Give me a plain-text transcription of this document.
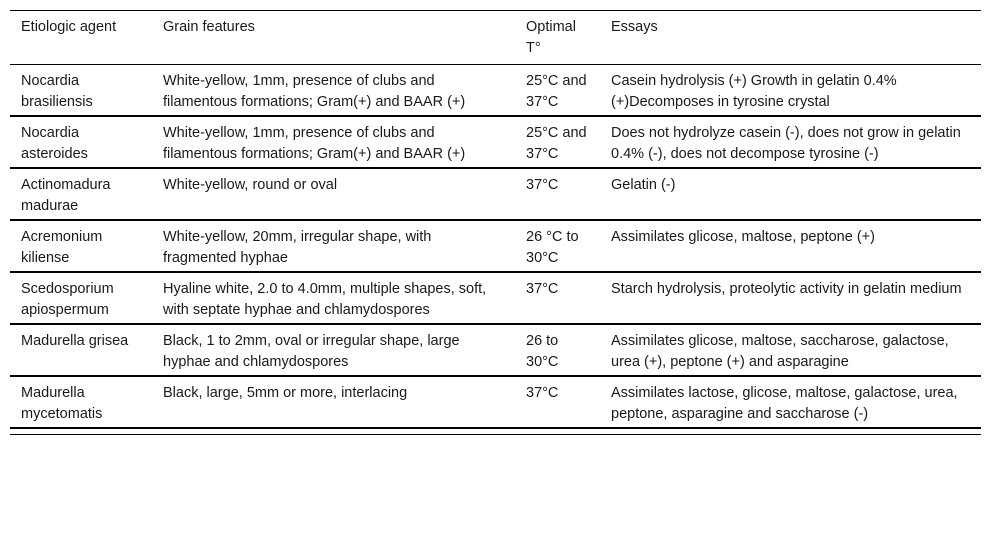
Etiologic agent	Grain features	Optimal T°	Essays
Nocardia brasiliensis	White-yellow, 1mm, presence of clubs and filamentous formations; Gram(+) and BAAR (+)	25°C and 37°C	Casein hydrolysis (+) Growth in gelatin 0.4% (+)Decomposes in tyrosine crystal
Nocardia asteroides	White-yellow, 1mm, presence of clubs and filamentous formations; Gram(+) and BAAR (+)	25°C and 37°C	Does not hydrolyze casein (-), does not grow in gelatin 0.4% (-), does not decompose tyrosine (-)
Actinomadura madurae	White-yellow, round or oval	37°C	Gelatin (-)
Acremonium kiliense	White-yellow, 20mm, irregular shape, with fragmented hyphae	26 °C to 30°C	Assimilates glicose, maltose, peptone (+)
Scedosporium apiospermum	Hyaline white, 2.0 to 4.0mm, multiple shapes, soft, with septate hyphae and chlamydospores	37°C	Starch hydrolysis, proteolytic activity in gelatin medium
Madurella grisea	Black, 1 to 2mm, oval or irregular shape, large hyphae and chlamydospores	26 to 30°C	Assimilates glicose, maltose, saccharose, galactose, urea (+), peptone (+) and asparagine
Madurella mycetomatis	Black, large, 5mm or more, interlacing	37°C	Assimilates lactose, glicose, maltose, galactose, urea, peptone, asparagine and saccharose (-)
